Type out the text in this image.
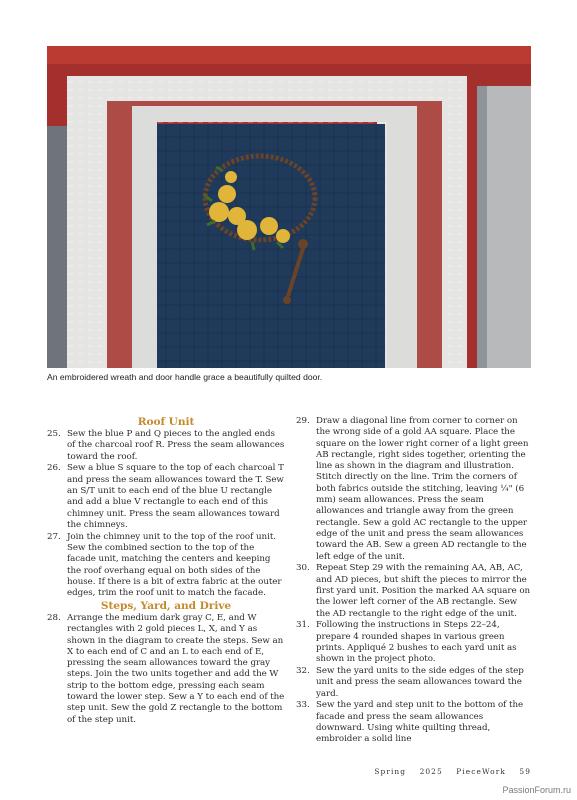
An embroidered wreath and door handle grace a beautifully quilted door.

Roof Unit

25. Sew the blue P and Q pieces to the angled ends of the charcoal roof R. Press the seam allowances toward the roof.
26. Sew a blue S square to the top of each charcoal T and press the seam allowances toward the T. Sew an S/T unit to each end of the blue U rectangle and add a blue V rectangle to each end of this chimney unit. Press the seam allowances toward the chimneys.
27. Join the chimney unit to the top of the roof unit. Sew the combined section to the top of the facade unit, matching the centers and keeping the roof overhang equal on both sides of the house. If there is a bit of extra fabric at the outer edges, trim the roof unit to match the facade.

Steps, Yard, and Drive

28. Arrange the medium dark gray C, E, and W rectangles with 2 gold pieces L, X, and Y as shown in the diagram to create the steps. Sew an X to each end of C and an L to each end of E, pressing the seam allowances toward the gray steps. Join the two units together and add the W strip to the bottom edge, pressing each seam toward the lower step. Sew a Y to each end of the step unit. Sew the gold Z rectangle to the bottom of the step unit.
29. Draw a diagonal line from corner to corner on the wrong side of a gold AA square. Place the square on the lower right corner of a light green AB rectangle, right sides together, orienting the line as shown in the diagram and illustration. Stitch directly on the line. Trim the corners of both fabrics outside the stitching, leaving ¼" (6 mm) seam allowances. Press the seam allowances and triangle away from the green rectangle. Sew a gold AC rectangle to the upper edge of the unit and press the seam allowances toward the AB. Sew a green AD rectangle to the left edge of the unit.
30. Repeat Step 29 with the remaining AA, AB, AC, and AD pieces, but shift the pieces to mirror the first yard unit. Position the marked AA square on the lower left corner of the AB rectangle. Sew the AD rectangle to the right edge of the unit.
31. Following the instructions in Steps 22–24, prepare 4 rounded shapes in various green prints. Appliqué 2 bushes to each yard unit as shown in the project photo.
32. Sew the yard units to the side edges of the step unit and press the seam allowances toward the yard.
33. Sew the yard and step unit to the bottom of the facade and press the seam allowances downward. Using white quilting thread, embroider a solid line
Spring 2025 PieceWork 59
PassionForum.ru
